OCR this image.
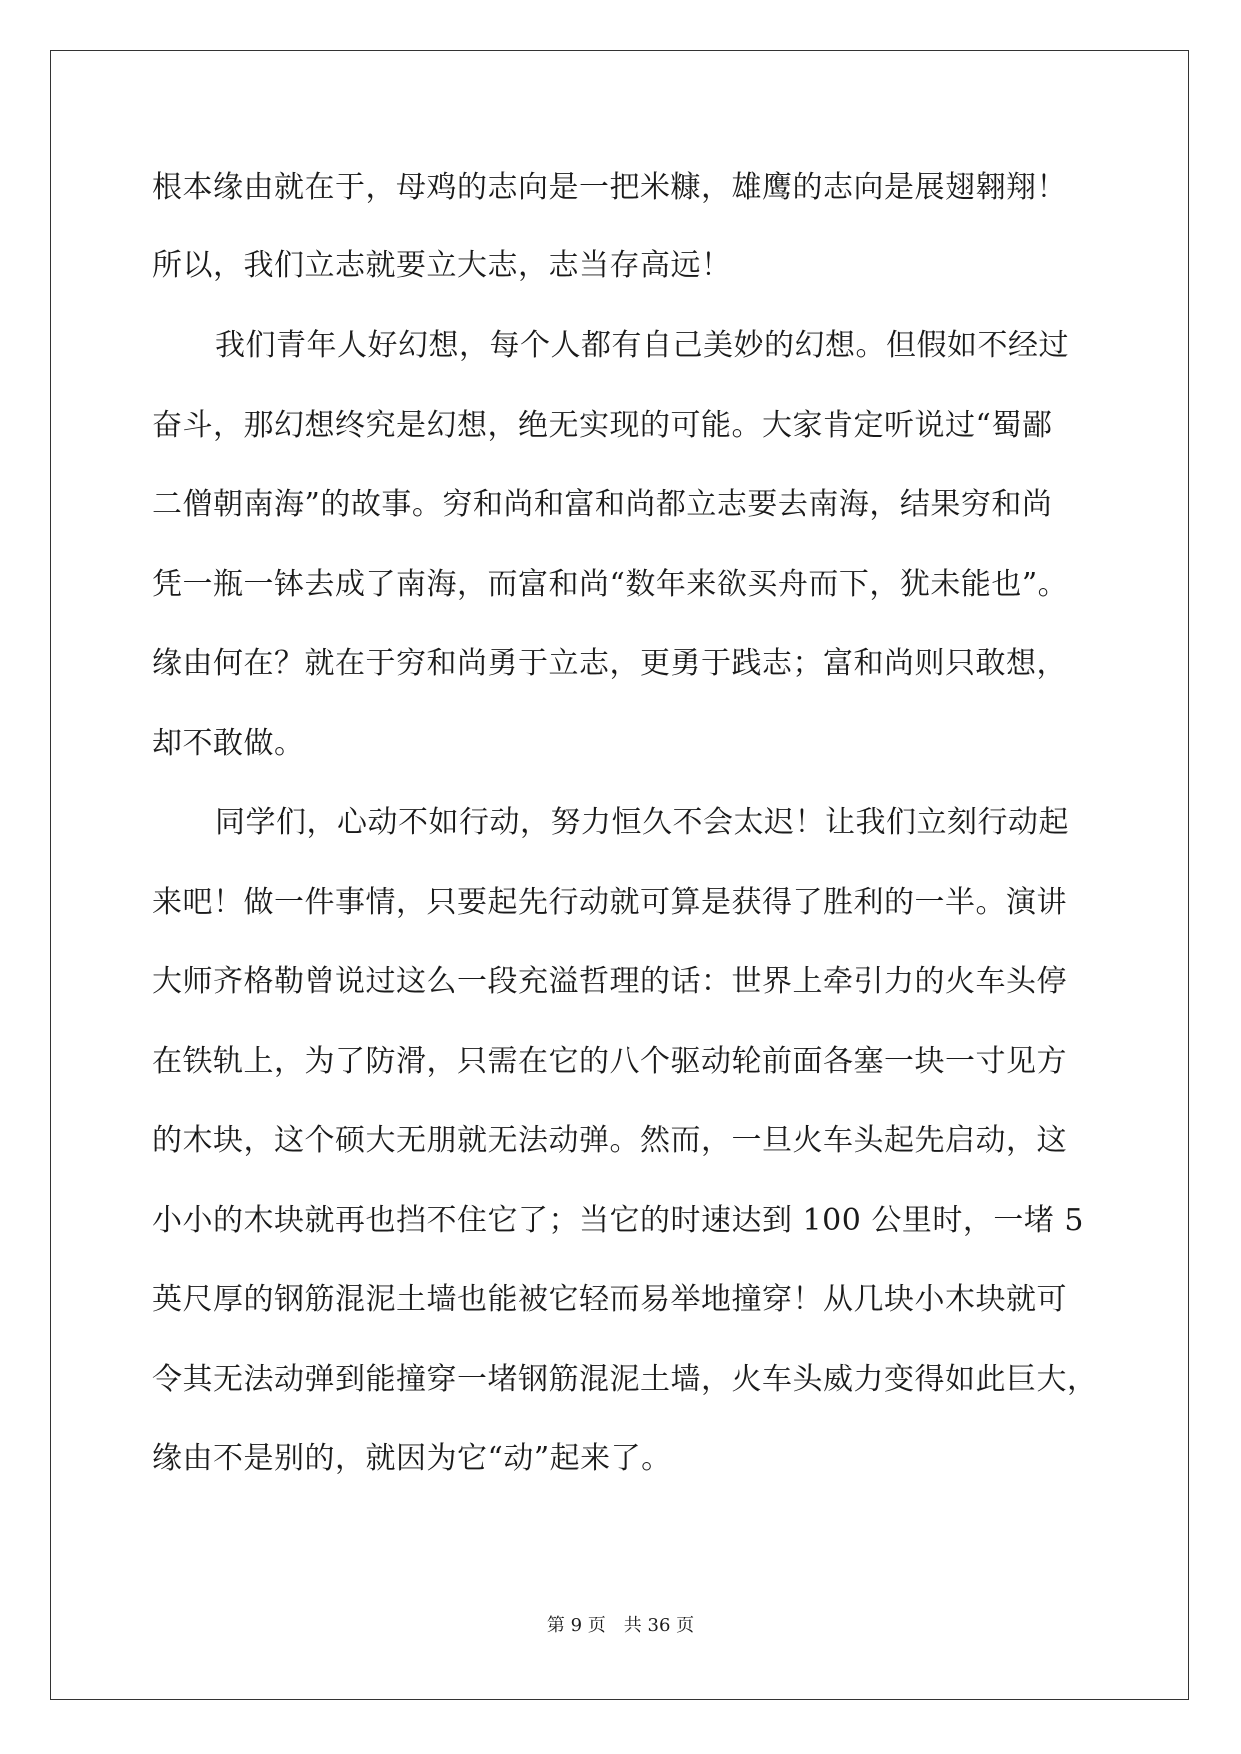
根本缘由就在于，母鸡的志向是一把米糠，雄鹰的志向是展翅翱翔！
所以，我们立志就要立大志，志当存高远！
我们青年人好幻想，每个人都有自己美妙的幻想。但假如不经过
奋斗，那幻想终究是幻想，绝无实现的可能。大家肯定听说过“蜀鄙
二僧朝南海”的故事。穷和尚和富和尚都立志要去南海，结果穷和尚
凭一瓶一钵去成了南海，而富和尚“数年来欲买舟而下，犹未能也”。
缘由何在？就在于穷和尚勇于立志，更勇于践志；富和尚则只敢想，
却不敢做。
同学们，心动不如行动，努力恒久不会太迟！让我们立刻行动起
来吧！做一件事情，只要起先行动就可算是获得了胜利的一半。演讲
大师齐格勒曾说过这么一段充溢哲理的话：世界上牵引力的火车头停
在铁轨上，为了防滑，只需在它的八个驱动轮前面各塞一块一寸见方
的木块，这个硕大无朋就无法动弹。然而，一旦火车头起先启动，这
小小的木块就再也挡不住它了；当它的时速达到 100 公里时，一堵 5
英尺厚的钢筋混泥土墙也能被它轻而易举地撞穿！从几块小木块就可
令其无法动弹到能撞穿一堵钢筋混泥土墙，火车头威力变得如此巨大，
缘由不是别的，就因为它“动”起来了。
第 9 页 共 36 页
